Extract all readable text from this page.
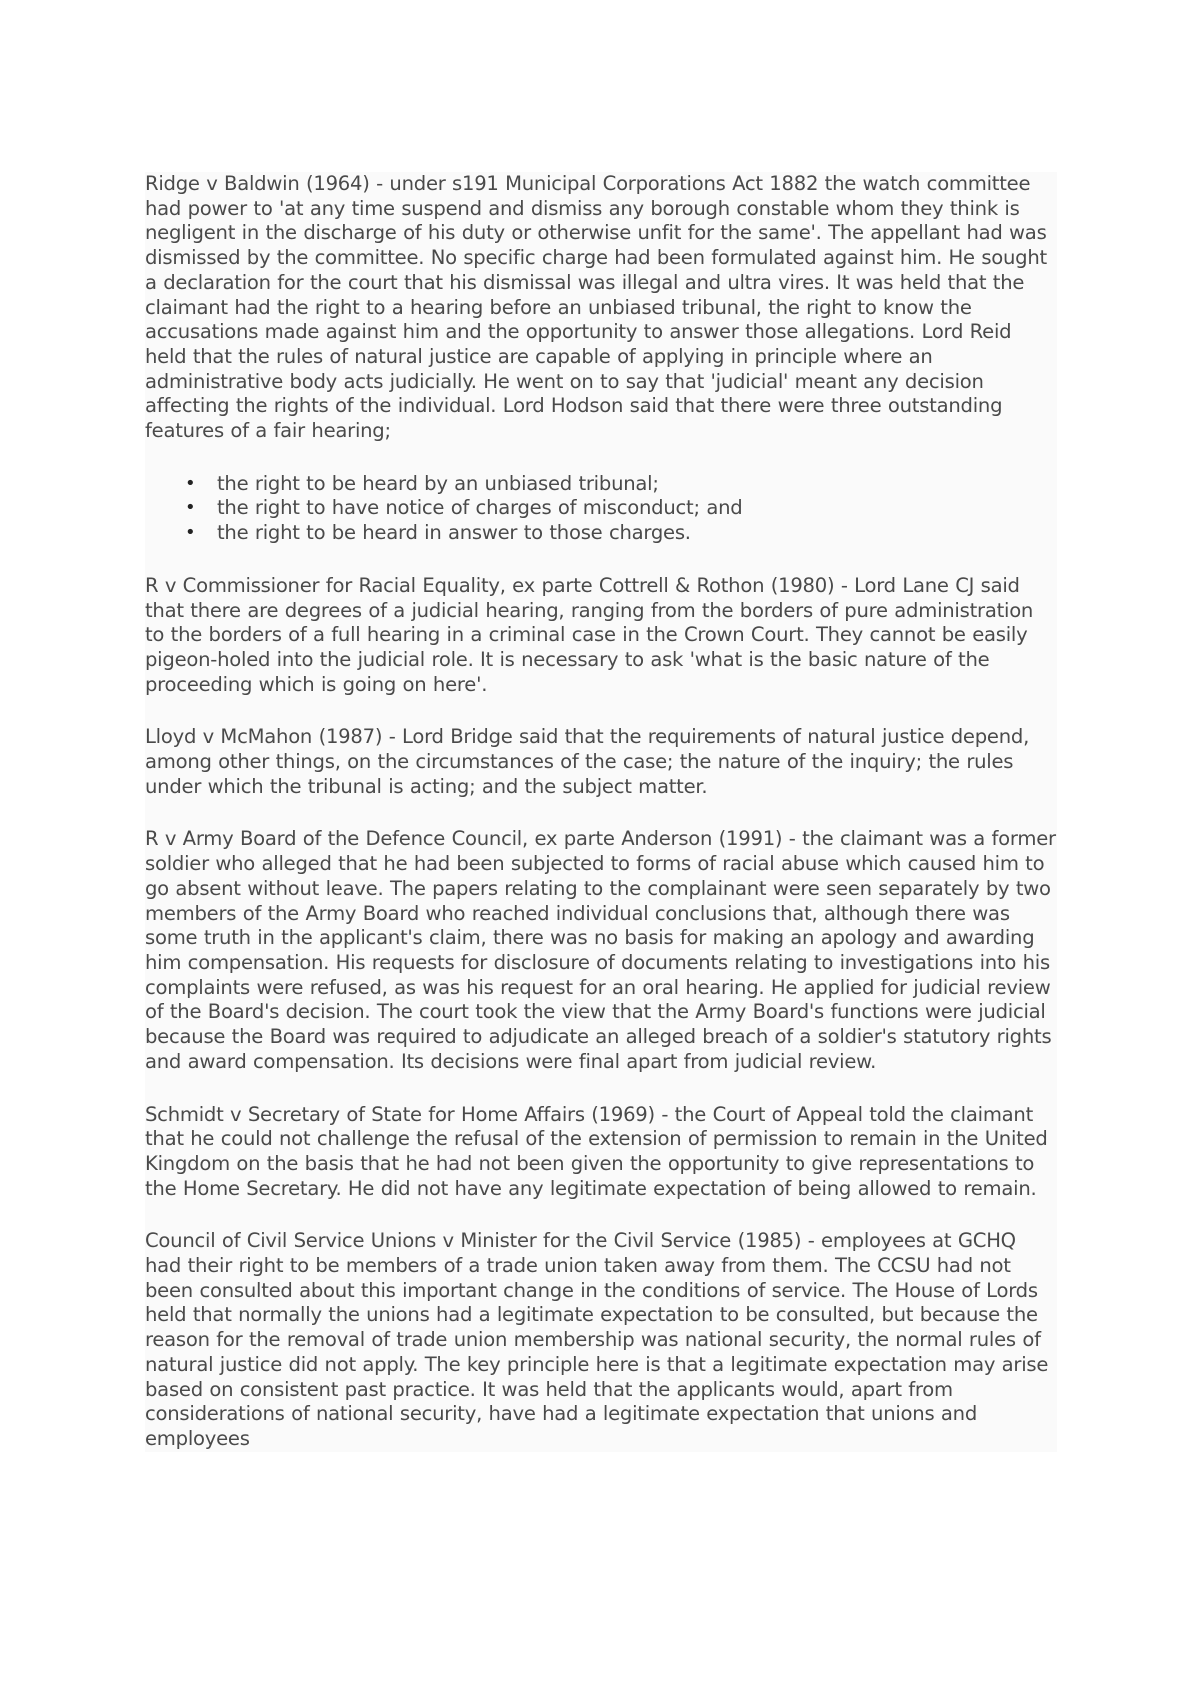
Ridge v Baldwin (1964) - under s191 Municipal Corporations Act 1882 the watch committee had power to 'at any time suspend and dismiss any borough constable whom they think is negligent in the discharge of his duty or otherwise unfit for the same'. The appellant had was dismissed by the committee. No specific charge had been formulated against him. He sought a declaration for the court that his dismissal was illegal and ultra vires. It was held that the claimant had the right to a hearing before an unbiased tribunal, the right to know the accusations made against him and the opportunity to answer those allegations. Lord Reid held that the rules of natural justice are capable of applying in principle where an administrative body acts judicially. He went on to say that 'judicial' meant any decision affecting the rights of the individual. Lord Hodson said that there were three outstanding features of a fair hearing;

• the right to be heard by an unbiased tribunal;
• the right to have notice of charges of misconduct; and
• the right to be heard in answer to those charges.

R v Commissioner for Racial Equality, ex parte Cottrell & Rothon (1980) - Lord Lane CJ said that there are degrees of a judicial hearing, ranging from the borders of pure administration to the borders of a full hearing in a criminal case in the Crown Court. They cannot be easily pigeon-holed into the judicial role. It is necessary to ask 'what is the basic nature of the proceeding which is going on here'.

Lloyd v McMahon (1987) - Lord Bridge said that the requirements of natural justice depend, among other things, on the circumstances of the case; the nature of the inquiry; the rules under which the tribunal is acting; and the subject matter.

R v Army Board of the Defence Council, ex parte Anderson (1991) - the claimant was a former soldier who alleged that he had been subjected to forms of racial abuse which caused him to go absent without leave. The papers relating to the complainant were seen separately by two members of the Army Board who reached individual conclusions that, although there was some truth in the applicant's claim, there was no basis for making an apology and awarding him compensation. His requests for disclosure of documents relating to investigations into his complaints were refused, as was his request for an oral hearing. He applied for judicial review of the Board's decision. The court took the view that the Army Board's functions were judicial because the Board was required to adjudicate an alleged breach of a soldier's statutory rights and award compensation. Its decisions were final apart from judicial review.

Schmidt v Secretary of State for Home Affairs (1969) - the Court of Appeal told the claimant that he could not challenge the refusal of the extension of permission to remain in the United Kingdom on the basis that he had not been given the opportunity to give representations to the Home Secretary. He did not have any legitimate expectation of being allowed to remain.

Council of Civil Service Unions v Minister for the Civil Service (1985) - employees at GCHQ had their right to be members of a trade union taken away from them. The CCSU had not been consulted about this important change in the conditions of service. The House of Lords held that normally the unions had a legitimate expectation to be consulted, but because the reason for the removal of trade union membership was national security, the normal rules of natural justice did not apply. The key principle here is that a legitimate expectation may arise based on consistent past practice. It was held that the applicants would, apart from considerations of national security, have had a legitimate expectation that unions and employees
